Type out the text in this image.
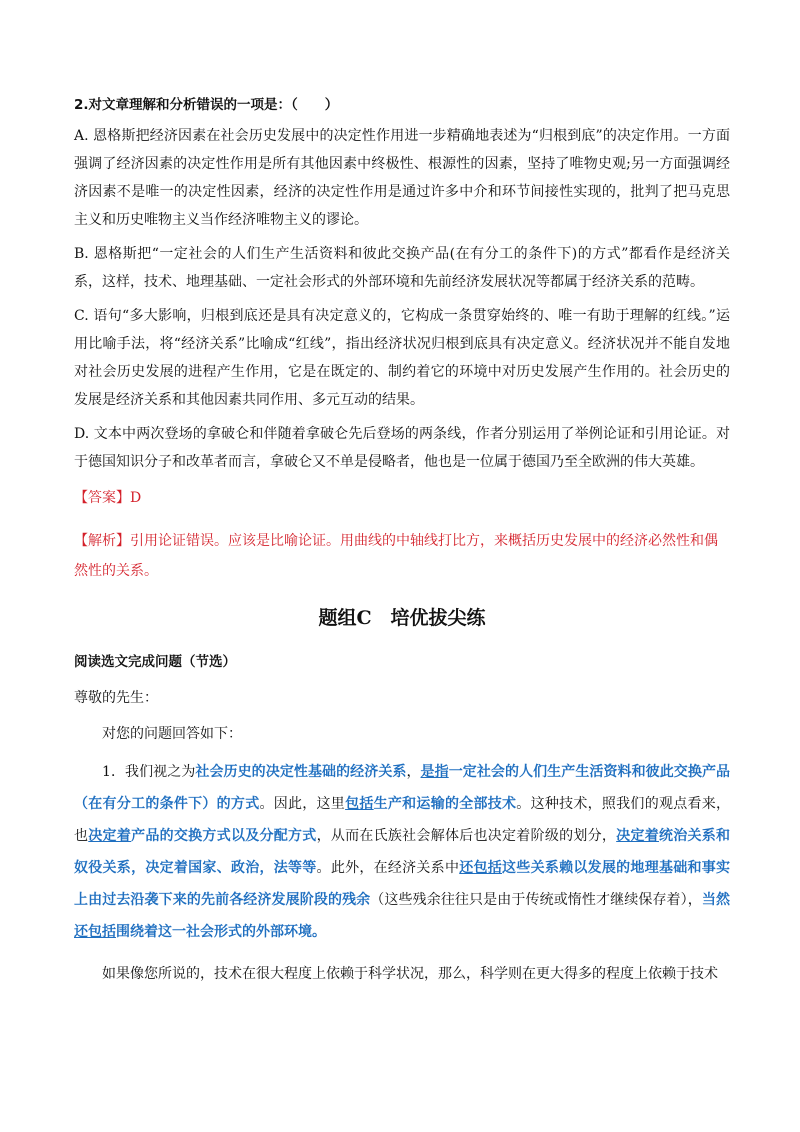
2.对文章理解和分析错误的一项是：（　　）

A. 恩格斯把经济因素在社会历史发展中的决定性作用进一步精确地表述为“归根到底”的决定作用。一方面强调了经济因素的决定性作用是所有其他因素中终极性、根源性的因素，坚持了唯物史观;另一方面强调经济因素不是唯一的决定性因素，经济的决定性作用是通过许多中介和环节间接性实现的，批判了把马克思主义和历史唯物主义当作经济唯物主义的谬论。

B. 恩格斯把“一定社会的人们生产生活资料和彼此交换产品(在有分工的条件下)的方式”都看作是经济关系，这样，技术、地理基础、一定社会形式的外部环境和先前经济发展状况等都属于经济关系的范畴。

C. 语句“多大影响，归根到底还是具有决定意义的，它构成一条贯穿始终的、唯一有助于理解的红线。”运用比喻手法，将“经济关系”比喻成“红线”，指出经济状况归根到底具有决定意义。经济状况并不能自发地对社会历史发展的进程产生作用，它是在既定的、制约着它的环境中对历史发展产生作用的。社会历史的发展是经济关系和其他因素共同作用、多元互动的结果。

D. 文本中两次登场的拿破仑和伴随着拿破仑先后登场的两条线，作者分别运用了举例论证和引用论证。对于德国知识分子和改革者而言，拿破仑又不单是侵略者，他也是一位属于德国乃至全欧洲的伟大英雄。

【答案】D

【解析】引用论证错误。应该是比喻论证。用曲线的中轴线打比方，来概括历史发展中的经济必然性和偶然性的关系。

题组C　培优拔尖练

阅读选文完成问题（节选）

尊敬的先生：

对您的问题回答如下：

1．我们视之为社会历史的决定性基础的经济关系，是指一定社会的人们生产生活资料和彼此交换产品（在有分工的条件下）的方式。因此，这里包括生产和运输的全部技术。这种技术，照我们的观点看来，也决定着产品的交换方式以及分配方式，从而在氏族社会解体后也决定着阶级的划分，决定着统治关系和奴役关系，决定着国家、政治，法等等。此外，在经济关系中还包括这些关系赖以发展的地理基础和事实上由过去沿袭下来的先前各经济发展阶段的残余（这些残余往往只是由于传统或惰性才继续保存着），当然还包括围绕着这一社会形式的外部环境。

如果像您所说的，技术在很大程度上依赖于科学状况，那么，科学则在更大得多的程度上依赖于技术
